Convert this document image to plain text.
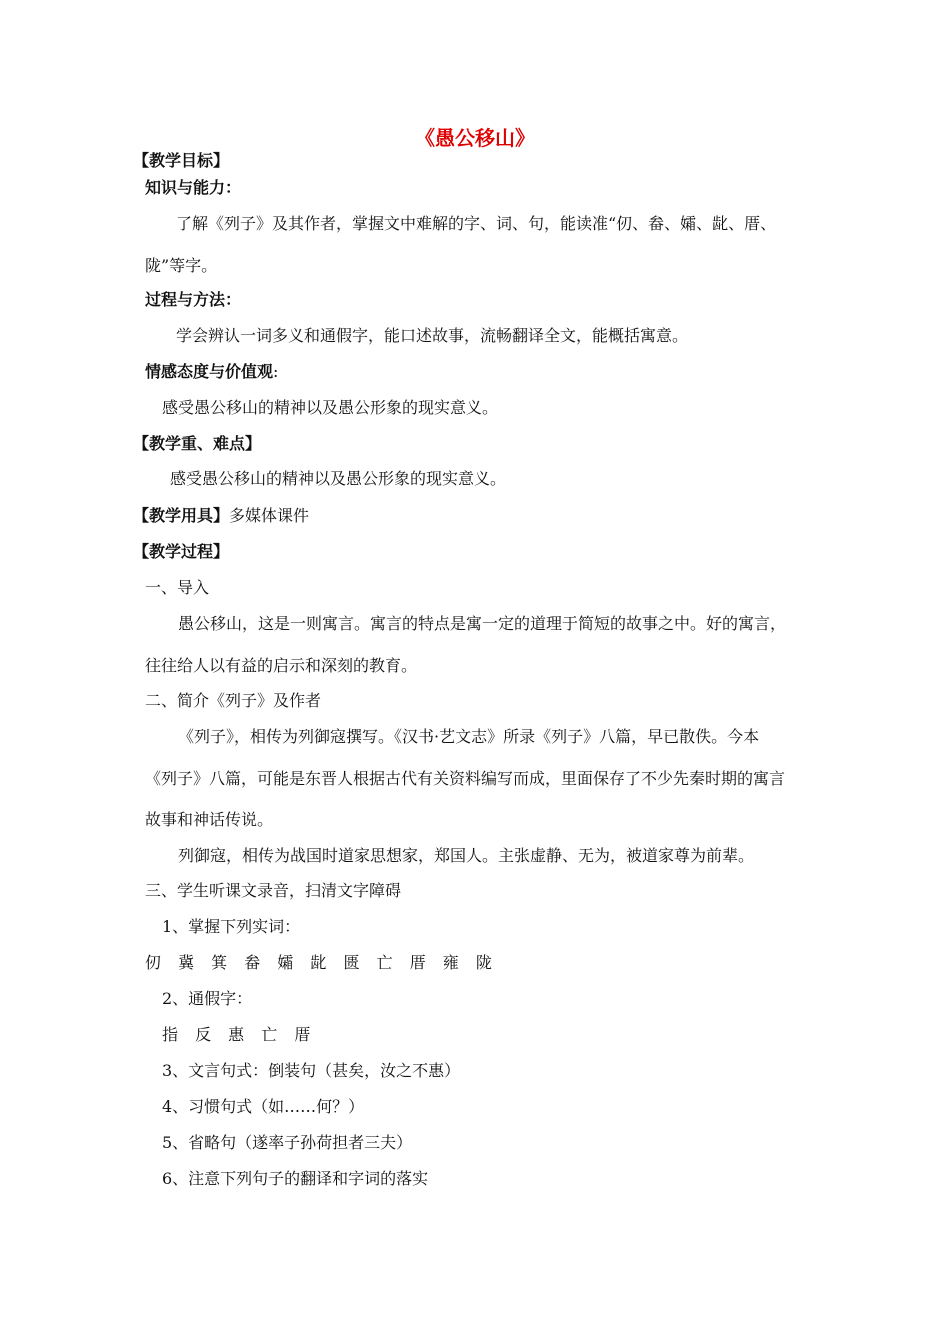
《愚公移山》
【教学目标】
知识与能力：
了解《列子》及其作者，掌握文中难解的字、词、句，能读准“仞、畚、孀、龀、厝、
陇”等字。
过程与方法：
学会辨认一词多义和通假字，能口述故事，流畅翻译全文，能概括寓意。
情感态度与价值观:
感受愚公移山的精神以及愚公形象的现实意义。
【教学重、难点】
感受愚公移山的精神以及愚公形象的现实意义。
【教学用具】多媒体课件
【教学过程】
一、导入
愚公移山，这是一则寓言。寓言的特点是寓一定的道理于简短的故事之中。好的寓言，
往往给人以有益的启示和深刻的教育。
二、简介《列子》及作者
《列子》，相传为列御寇撰写。《汉书·艺文志》所录《列子》八篇，早已散佚。今本
《列子》八篇，可能是东晋人根据古代有关资料编写而成，里面保存了不少先秦时期的寓言
故事和神话传说。
列御寇，相传为战国时道家思想家，郑国人。主张虚静、无为，被道家尊为前辈。
三、学生听课文录音，扫清文字障碍
1、掌握下列实词：
仞 冀 箕 畚 孀 龀 匮 亡 厝 雍 陇
2、通假字：
指 反 惠 亡 厝
3、文言句式：倒装句（甚矣，汝之不惠）
4、习惯句式（如……何？）
5、省略句（遂率子孙荷担者三夫）
6、注意下列句子的翻译和字词的落实
